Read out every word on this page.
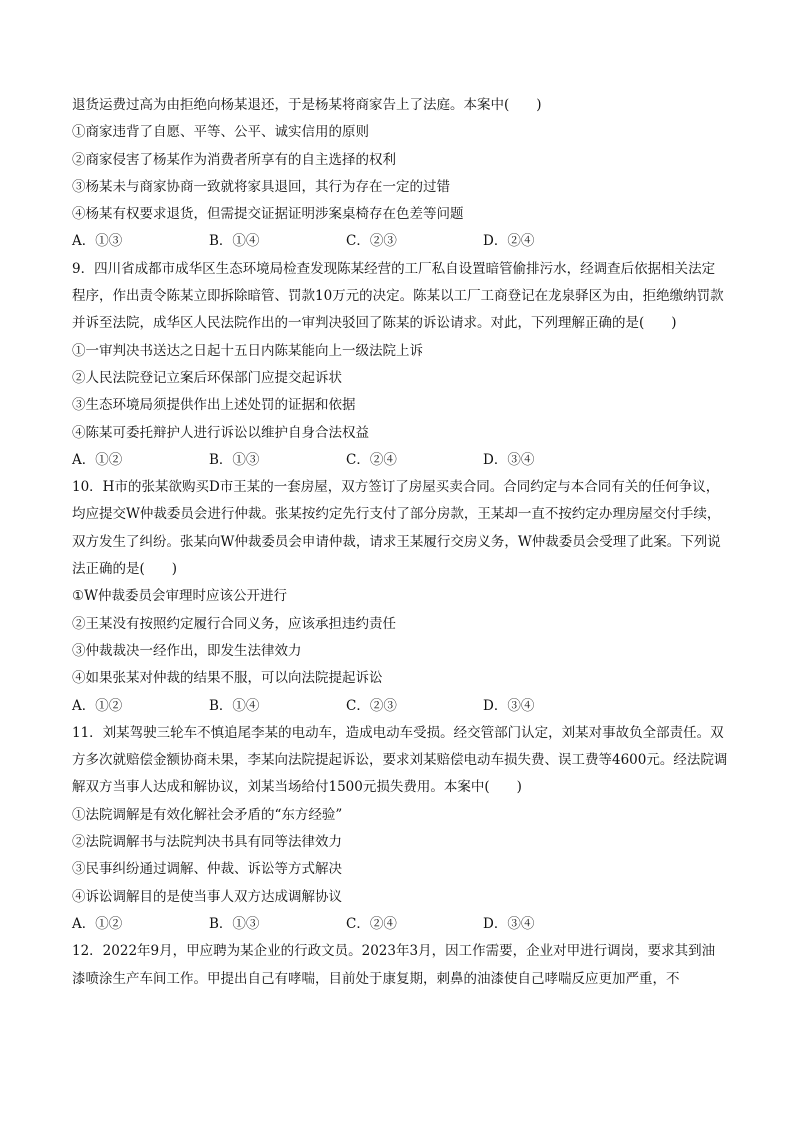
退货运费过高为由拒绝向杨某退还，于是杨某将商家告上了法庭。本案中(　　)
①商家违背了自愿、平等、公平、诚实信用的原则
②商家侵害了杨某作为消费者所享有的自主选择的权利
③杨某未与商家协商一致就将家具退回，其行为存在一定的过错
④杨某有权要求退货，但需提交证据证明涉案桌椅存在色差等问题
A．①③	B．①④	C．②③	D．②④
9．四川省成都市成华区生态环境局检查发现陈某经营的工厂私自设置暗管偷排污水，经调查后依据相关法定程序，作出责令陈某立即拆除暗管、罚款10万元的决定。陈某以工厂工商登记在龙泉驿区为由，拒绝缴纳罚款并诉至法院，成华区人民法院作出的一审判决驳回了陈某的诉讼请求。对此，下列理解正确的是(　　)
①一审判决书送达之日起十五日内陈某能向上一级法院上诉
②人民法院登记立案后环保部门应提交起诉状
③生态环境局须提供作出上述处罚的证据和依据
④陈某可委托辩护人进行诉讼以维护自身合法权益
A．①②	B．①③	C．②④	D．③④
10．H市的张某欲购买D市王某的一套房屋，双方签订了房屋买卖合同。合同约定与本合同有关的任何争议，均应提交W仲裁委员会进行仲裁。张某按约定先行支付了部分房款，王某却一直不按约定办理房屋交付手续，双方发生了纠纷。张某向W仲裁委员会申请仲裁，请求王某履行交房义务，W仲裁委员会受理了此案。下列说法正确的是(　　)
①W仲裁委员会审理时应该公开进行
②王某没有按照约定履行合同义务，应该承担违约责任
③仲裁裁决一经作出，即发生法律效力
④如果张某对仲裁的结果不服，可以向法院提起诉讼
A．①②	B．①④	C．②③	D．③④
11．刘某驾驶三轮车不慎追尾李某的电动车，造成电动车受损。经交管部门认定，刘某对事故负全部责任。双方多次就赔偿金额协商未果，李某向法院提起诉讼，要求刘某赔偿电动车损失费、误工费等4600元。经法院调解双方当事人达成和解协议，刘某当场给付1500元损失费用。本案中(　　)
①法院调解是有效化解社会矛盾的“东方经验”
②法院调解书与法院判决书具有同等法律效力
③民事纠纷通过调解、仲裁、诉讼等方式解决
④诉讼调解目的是使当事人双方达成调解协议
A．①②	B．①③	C．②④	D．③④
12．2022年9月，甲应聘为某企业的行政文员。2023年3月，因工作需要，企业对甲进行调岗，要求其到油漆喷涂生产车间工作。甲提出自己有哮喘，目前处于康复期，刺鼻的油漆使自己哮喘反应更加严重，不
